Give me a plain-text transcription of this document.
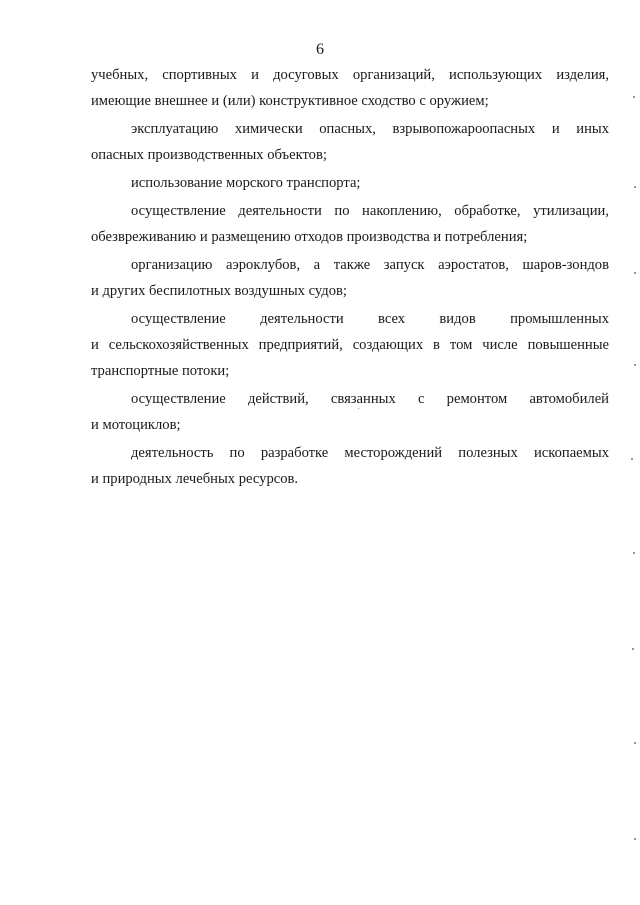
6
учебных, спортивных и досуговых организаций, использующих изделия,
имеющие внешнее и (или) конструктивное сходство с оружием;
эксплуатацию химически опасных, взрывопожароопасных и иных
опасных производственных объектов;
использование морского транспорта;
осуществление деятельности по накоплению, обработке, утилизации,
обезвреживанию и размещению отходов производства и потребления;
организацию аэроклубов, а также запуск аэростатов, шаров-зондов
и других беспилотных воздушных судов;
осуществление деятельности всех видов промышленных
и сельскохозяйственных предприятий, создающих в том числе повышенные
транспортные потоки;
осуществление действий, связанных с ремонтом автомобилей
и мотоциклов;
деятельность по разработке месторождений полезных ископаемых
и природных лечебных ресурсов.
